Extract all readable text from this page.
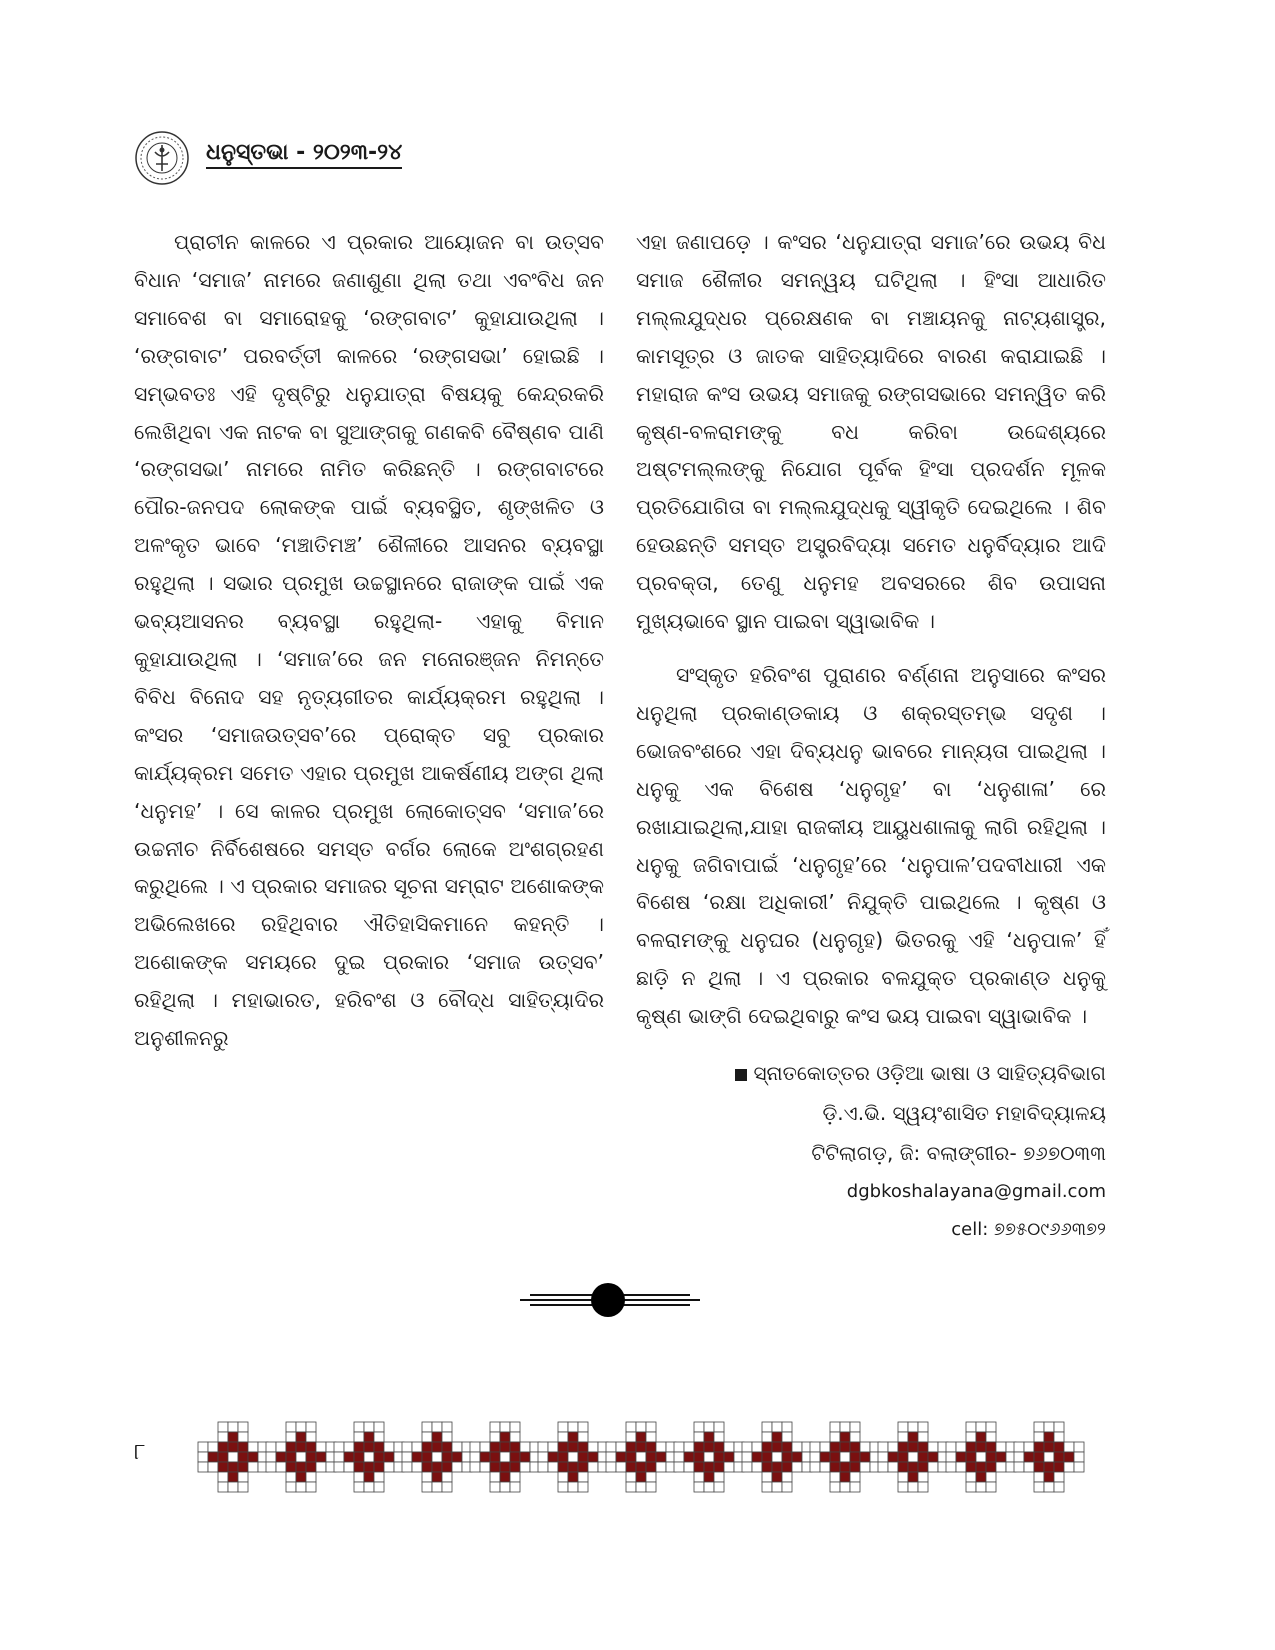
ଧନୁସ୍ତଭା - ୨୦୨୩-୨୪

ପ୍ରାଚୀନ କାଳରେ ଏ ପ୍ରକାର ଆୟୋଜନ ବା ଉତ୍ସବ ବିଧାନ ‘ସମାଜ’ ନାମରେ ଜଣାଶୁଣା ଥିଲା ତଥା ଏବଂବିଧ ଜନ ସମାବେଶ ବା ସମାରୋହକୁ ‘ରଙ୍ଗବାଟ’ କୁହାଯାଉଥିଲା । ‘ରଙ୍ଗବାଟ’ ପରବର୍ତ୍ତୀ କାଳରେ ‘ରଙ୍ଗସଭା’ ହୋଇଛି । ସମ୍ଭବତଃ ଏହି ଦୃଷ୍ଟିରୁ ଧନୁଯାତ୍ରା ବିଷୟକୁ କେନ୍ଦ୍ରକରି ଲେଖିଥିବା ଏକ ନାଟକ ବା ସୁଆଙ୍ଗକୁ ଗଣକବି ବୈଷ୍ଣବ ପାଣି ‘ରଙ୍ଗସଭା’ ନାମରେ ନାମିତ କରିଛନ୍ତି । ରଙ୍ଗବାଟରେ ପୌର-ଜନପଦ ଲୋକଙ୍କ ପାଇଁ ବ୍ୟବସ୍ଥିତ, ଶୃଙ୍ଖଳିତ ଓ ଅଳଂକୃତ ଭାବେ ‘ମଞ୍ଚାତିମଞ୍ଚ’ ଶୈଳୀରେ ଆସନର ବ୍ୟବସ୍ଥା ରହୁଥିଲା । ସଭାର ପ୍ରମୁଖ ଉଚ୍ଚସ୍ଥାନରେ ରାଜାଙ୍କ ପାଇଁ ଏକ ଭବ୍ୟଆସନର ବ୍ୟବସ୍ଥା ରହୁଥିଲା- ଏହାକୁ ବିମାନ କୁହାଯାଉଥିଲା । ‘ସମାଜ’ରେ ଜନ ମନୋରଞ୍ଜନ ନିମନ୍ତେ ବିବିଧ ବିନୋଦ ସହ ନୃତ୍ୟଗୀତର କାର୍ଯ୍ୟକ୍ରମ ରହୁଥିଲା । କଂସର ‘ସମାଜଉତ୍ସବ’ରେ ପ୍ରୋକ୍ତ ସବୁ ପ୍ରକାର କାର୍ଯ୍ୟକ୍ରମ ସମେତ ଏହାର ପ୍ରମୁଖ ଆକର୍ଷଣୀୟ ଅଙ୍ଗ ଥିଲା ‘ଧନୁମହ’ । ସେ କାଳର ପ୍ରମୁଖ ଲୋକୋତ୍ସବ ‘ସମାଜ’ରେ ଉଚ୍ଚନୀଚ ନିର୍ବିଶେଷରେ ସମସ୍ତ ବର୍ଗର ଲୋକେ ଅଂଶଗ୍ରହଣ କରୁଥିଲେ । ଏ ପ୍ରକାର ସମାଜର ସୂଚନା ସମ୍ରାଟ ଅଶୋକଙ୍କ ଅଭିଲେଖରେ ରହିଥିବାର ଐତିହାସିକମାନେ କହନ୍ତି । ଅଶୋକଙ୍କ ସମୟରେ ଦୁଇ ପ୍ରକାର ‘ସମାଜ ଉତ୍ସବ’ ରହିଥିଲା । ମହାଭାରତ, ହରିବଂଶ ଓ ବୌଦ୍ଧ ସାହିତ୍ୟାଦିର ଅନୁଶୀଳନରୁ

ଏହା ଜଣାପଡ଼େ । କଂସର ‘ଧନୁଯାତ୍ରା ସମାଜ’ରେ ଉଭୟ ବିଧ ସମାଜ ଶୈଳୀର ସମନ୍ୱୟ ଘଟିଥିଲା । ହିଂସା ଆଧାରିତ ମଲ୍ଲଯୁଦ୍ଧର ପ୍ରେକ୍ଷଣକ ବା ମଞ୍ଚାୟନକୁ ନାଟ୍ୟଶାସ୍ତ୍ର, କାମସୂତ୍ର ଓ ଜାତକ ସାହିତ୍ୟାଦିରେ ବାରଣ କରାଯାଇଛି । ମହାରାଜ କଂସ ଉଭୟ ସମାଜକୁ ରଙ୍ଗସଭାରେ ସମନ୍ୱିତ କରି କୃଷ୍ଣ-ବଳରାମଙ୍କୁ ବଧ କରିବା ଉଦ୍ଦେଶ୍ୟରେ ଅଷ୍ଟମଲ୍ଲଙ୍କୁ ନିଯୋଗ ପୂର୍ବକ ହିଂସା ପ୍ରଦର୍ଶନ ମୂଳକ ପ୍ରତିଯୋଗିତା ବା ମଲ୍ଲଯୁଦ୍ଧକୁ ସ୍ୱୀକୃତି ଦେଇଥିଲେ । ଶିବ ହେଉଛନ୍ତି ସମସ୍ତ ଅସ୍ତ୍ରବିଦ୍ୟା ସମେତ ଧନୁର୍ବିଦ୍ୟାର ଆଦି ପ୍ରବକ୍ତା, ତେଣୁ ଧନୁମହ ଅବସରରେ ଶିବ ଉପାସନା ମୁଖ୍ୟଭାବେ ସ୍ଥାନ ପାଇବା ସ୍ୱାଭାବିକ ।

ସଂସ୍କୃତ ହରିବଂଶ ପୁରାଣର ବର୍ଣ୍ଣନା ଅନୁସାରେ କଂସର ଧନୁଥିଲା ପ୍ରକାଣ୍ଡକାୟ ଓ ଶକ୍ରସ୍ତମ୍ଭ ସଦୃଶ । ଭୋଜବଂଶରେ ଏହା ଦିବ୍ୟଧନୁ ଭାବରେ ମାନ୍ୟତା ପାଇଥିଲା । ଧନୁକୁ ଏକ ବିଶେଷ ‘ଧନୁଗୃହ’ ବା ‘ଧନୁଶାଳା’ ରେ ରଖାଯାଇଥିଲା,ଯାହା ରାଜକୀୟ ଆୟୁଧଶାଳାକୁ ଲାଗି ରହିଥିଲା । ଧନୁକୁ ଜଗିବାପାଇଁ ‘ଧନୁଗୃହ’ରେ ‘ଧନୁପାଳ’ପଦବୀଧାରୀ ଏକ ବିଶେଷ ‘ରକ୍ଷା ଅଧିକାରୀ’ ନିଯୁକ୍ତି ପାଇଥିଲେ । କୃଷ୍ଣ ଓ ବଳରାମଙ୍କୁ ଧନୁଘର (ଧନୁଗୃହ) ଭିତରକୁ ଏହି ‘ଧନୁପାଳ’ ହିଁ ଛାଡ଼ି ନ ଥିଲା । ଏ ପ୍ରକାର ବଳଯୁକ୍ତ ପ୍ରକାଣ୍ଡ ଧନୁକୁ କୃଷ୍ଣ ଭାଙ୍ଗି ଦେଇଥିବାରୁ କଂସ ଭୟ ପାଇବା ସ୍ୱାଭାବିକ ।

ସ୍ନାତକୋତ୍ତର ଓଡ଼ିଆ ଭାଷା ଓ ସାହିତ୍ୟବିଭାଗ
ଡ଼ି.ଏ.ଭି. ସ୍ୱୟଂଶାସିତ ମହାବିଦ୍ୟାଳୟ
ଟିଟିଲାଗଡ଼, ଜି: ବଲାଙ୍ଗୀର- ୭୬୭୦୩୩
dgbkoshalayana@gmail.com
cell: ୭୭୫୦୯୬୬୩୭୨
୮
